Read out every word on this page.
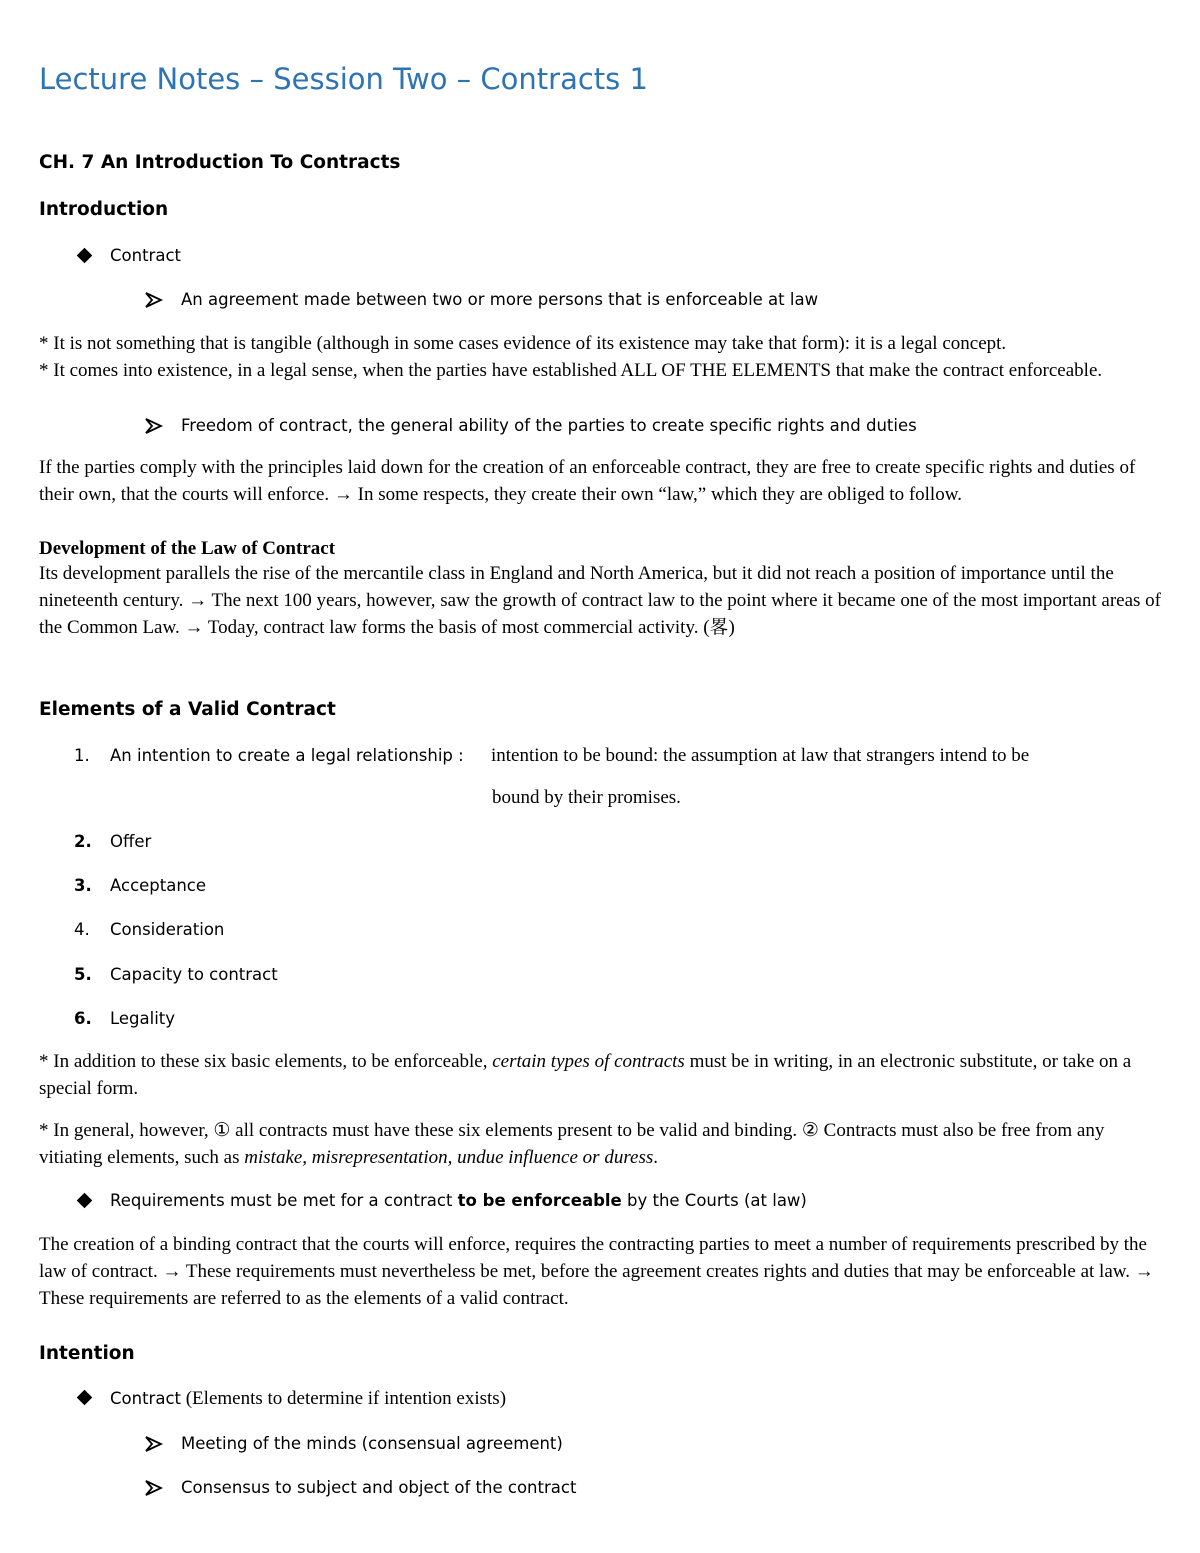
Lecture Notes – Session Two – Contracts 1
CH. 7 An Introduction To Contracts
Introduction
Contract
An agreement made between two or more persons that is enforceable at law
* It is not something that is tangible (although in some cases evidence of its existence may take that form): it is a legal concept.
* It comes into existence, in a legal sense, when the parties have established ALL OF THE ELEMENTS that make the contract enforceable.
Freedom of contract, the general ability of the parties to create specific rights and duties
If the parties comply with the principles laid down for the creation of an enforceable contract, they are free to create specific rights and duties of their own, that the courts will enforce. → In some respects, they create their own “law,” which they are obliged to follow.
Development of the Law of Contract
Its development parallels the rise of the mercantile class in England and North America, but it did not reach a position of importance until the nineteenth century. → The next 100 years, however, saw the growth of contract law to the point where it became one of the most important areas of the Common Law. → Today, contract law forms the basis of most commercial activity. (畧)
Elements of a Valid Contract
1. An intention to create a legal relationship : intention to be bound: the assumption at law that strangers intend to be
bound by their promises.
2. Offer
3. Acceptance
4. Consideration
5. Capacity to contract
6. Legality
* In addition to these six basic elements, to be enforceable, certain types of contracts must be in writing, in an electronic substitute, or take on a special form.
* In general, however, ① all contracts must have these six elements present to be valid and binding. ② Contracts must also be free from any vitiating elements, such as mistake, misrepresentation, undue influence or duress.
Requirements must be met for a contract to be enforceable by the Courts (at law)
The creation of a binding contract that the courts will enforce, requires the contracting parties to meet a number of requirements prescribed by the law of contract. → These requirements must nevertheless be met, before the agreement creates rights and duties that may be enforceable at law. → These requirements are referred to as the elements of a valid contract.
Intention
Contract (Elements to determine if intention exists)
Meeting of the minds (consensual agreement)
Consensus to subject and object of the contract
